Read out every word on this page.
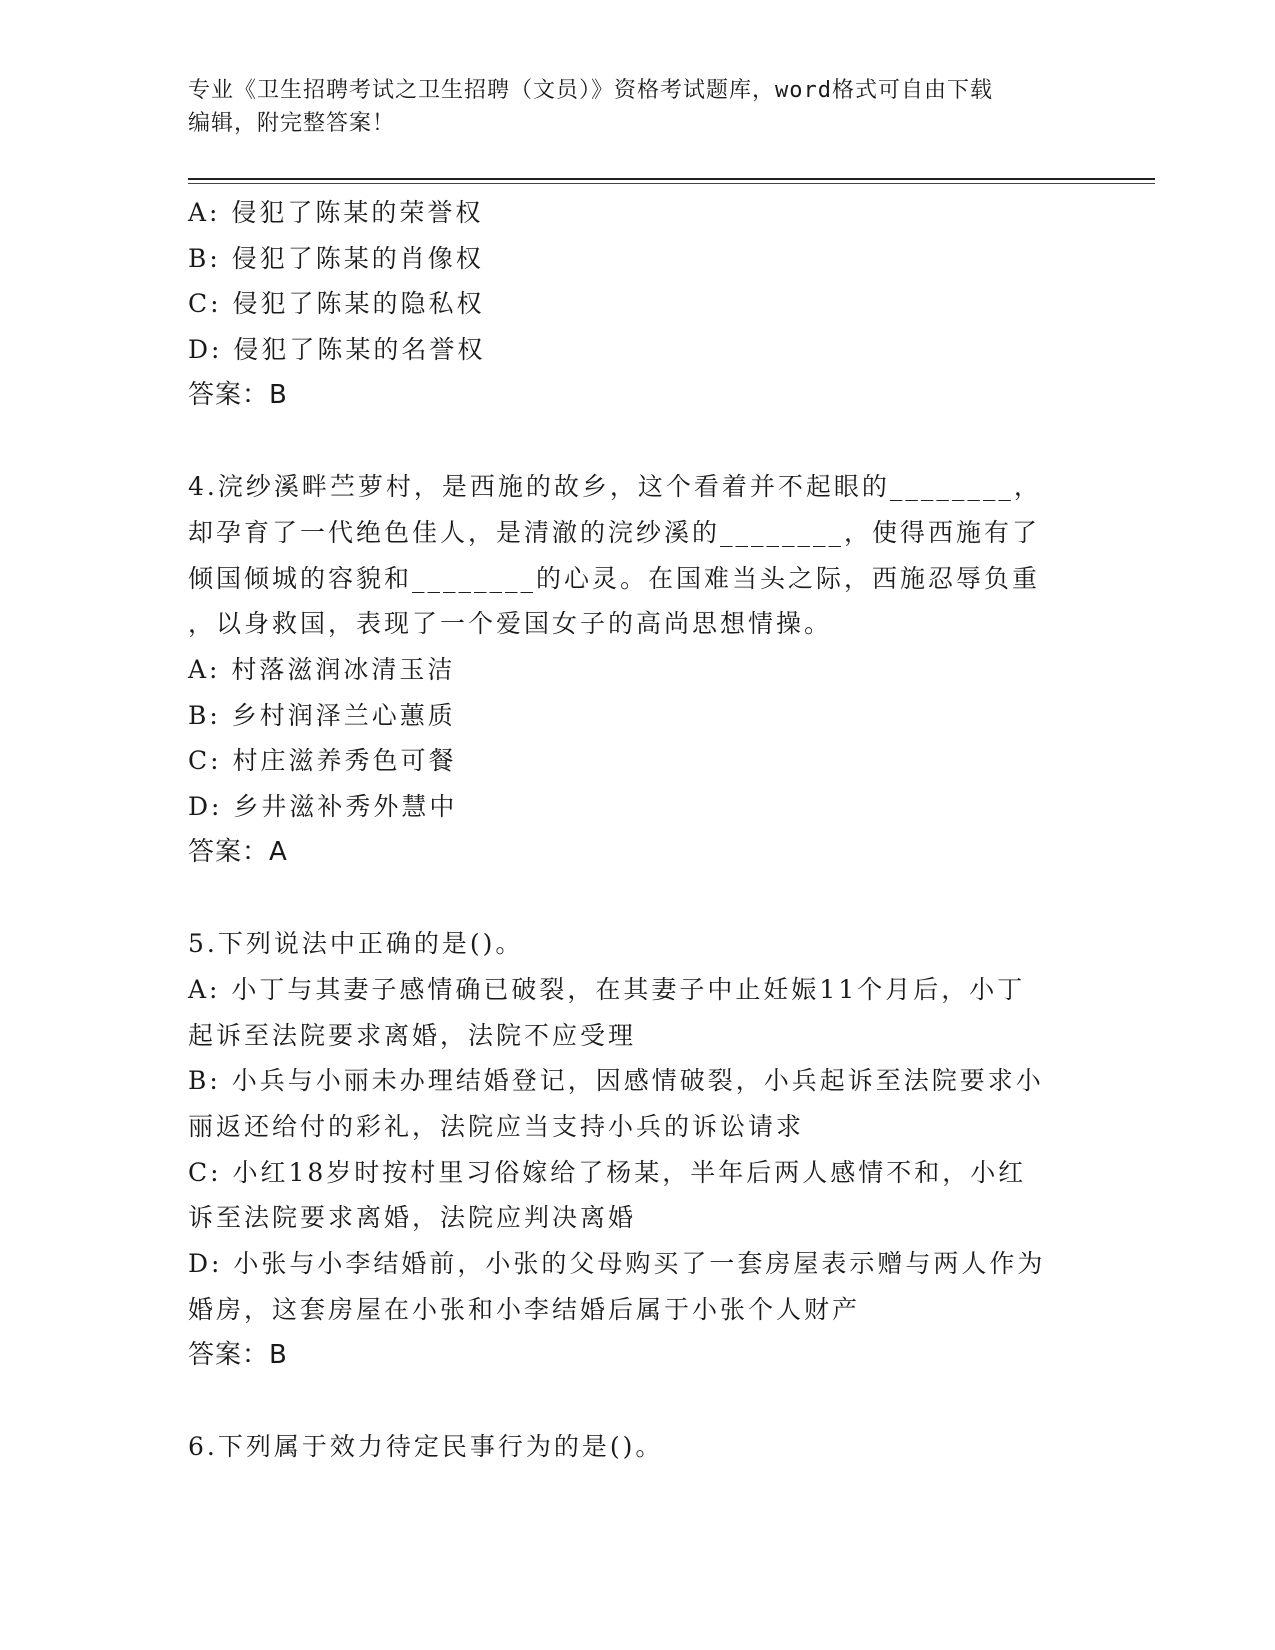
专业《卫生招聘考试之卫生招聘（文员）》资格考试题库，word格式可自由下载
编辑，附完整答案！
A: 侵犯了陈某的荣誉权
B: 侵犯了陈某的肖像权
C: 侵犯了陈某的隐私权
D: 侵犯了陈某的名誉权
答案：B
4.浣纱溪畔苎萝村，是西施的故乡，这个看着并不起眼的________，
却孕育了一代绝色佳人，是清澈的浣纱溪的________，使得西施有了
倾国倾城的容貌和________的心灵。在国难当头之际，西施忍辱负重
，以身救国，表现了一个爱国女子的高尚思想情操。
A: 村落滋润冰清玉洁
B: 乡村润泽兰心蕙质
C: 村庄滋养秀色可餐
D: 乡井滋补秀外慧中
答案：A
5.下列说法中正确的是()。
A: 小丁与其妻子感情确已破裂，在其妻子中止妊娠11个月后，小丁
起诉至法院要求离婚，法院不应受理
B: 小兵与小丽未办理结婚登记，因感情破裂，小兵起诉至法院要求小
丽返还给付的彩礼，法院应当支持小兵的诉讼请求
C: 小红18岁时按村里习俗嫁给了杨某，半年后两人感情不和，小红
诉至法院要求离婚，法院应判决离婚
D: 小张与小李结婚前，小张的父母购买了一套房屋表示赠与两人作为
婚房，这套房屋在小张和小李结婚后属于小张个人财产
答案：B
6.下列属于效力待定民事行为的是()。
